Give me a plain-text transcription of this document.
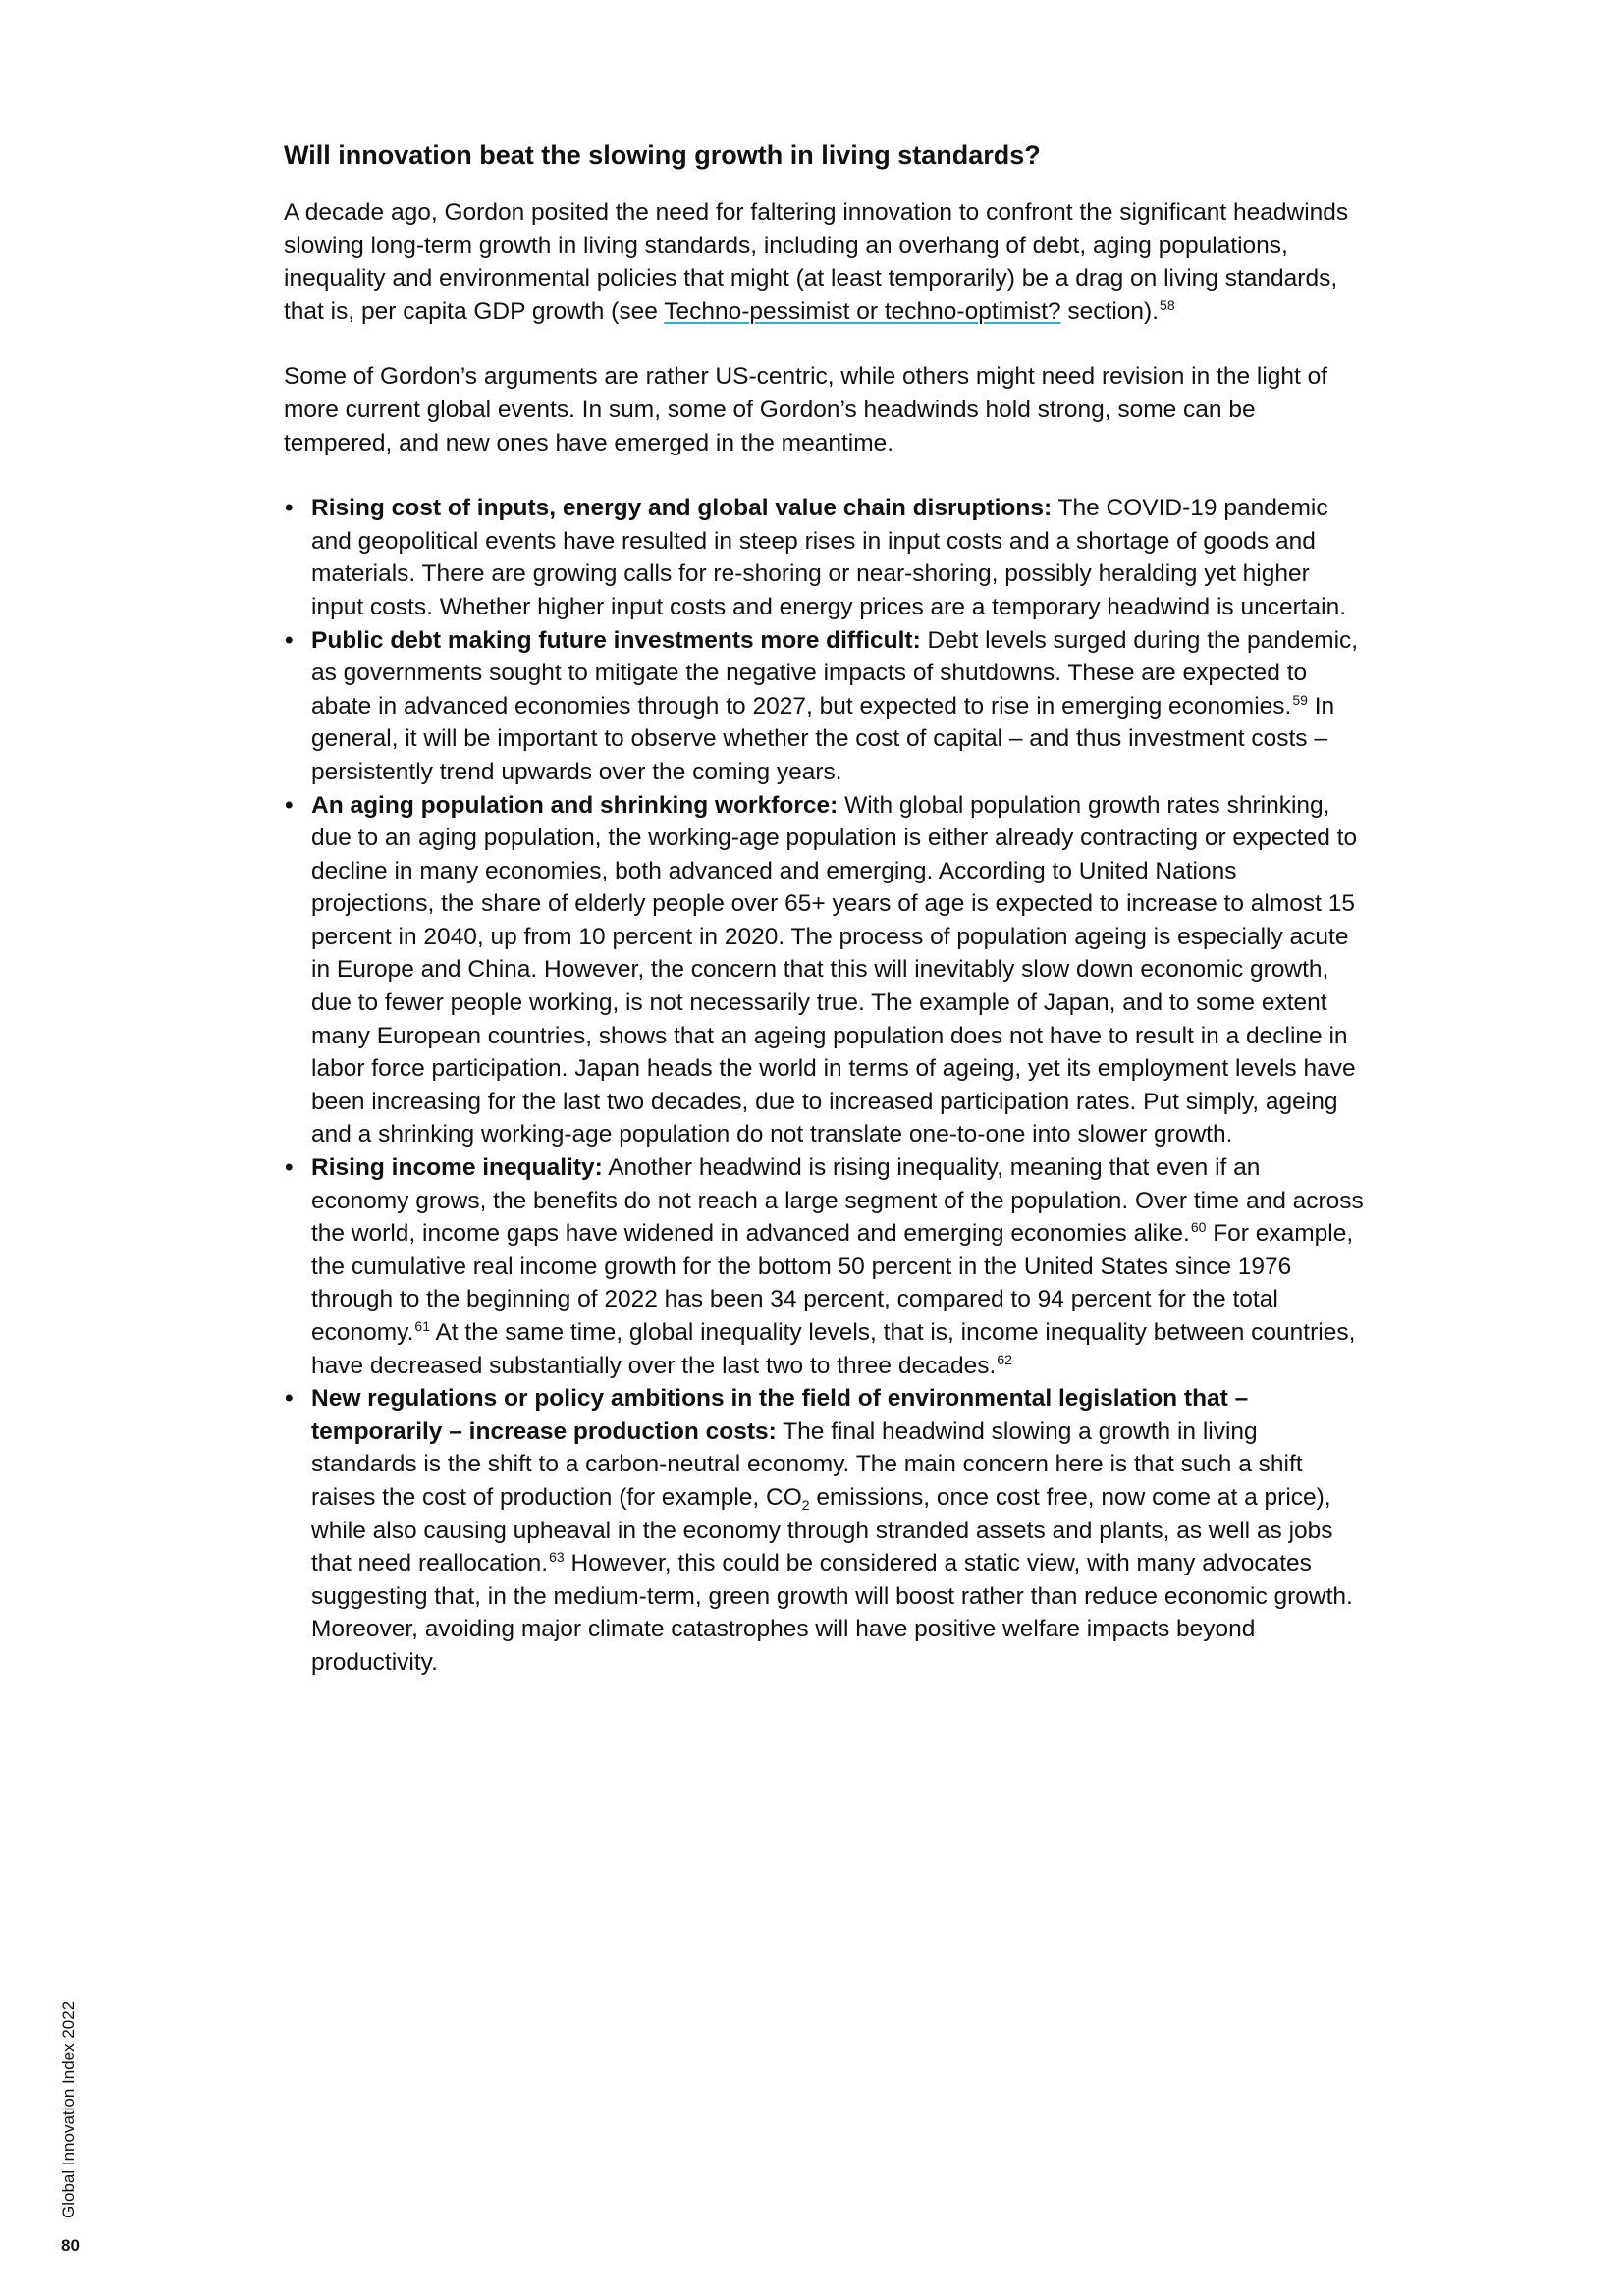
Will innovation beat the slowing growth in living standards?

A decade ago, Gordon posited the need for faltering innovation to confront the significant headwinds slowing long-term growth in living standards, including an overhang of debt, aging populations, inequality and environmental policies that might (at least temporarily) be a drag on living standards, that is, per capita GDP growth (see Techno-pessimist or techno-optimist? section).$^{58}$

Some of Gordon’s arguments are rather US-centric, while others might need revision in the light of more current global events. In sum, some of Gordon’s headwinds hold strong, some can be tempered, and new ones have emerged in the meantime.

• Rising cost of inputs, energy and global value chain disruptions: The COVID-19 pandemic and geopolitical events have resulted in steep rises in input costs and a shortage of goods and materials. There are growing calls for re-shoring or near-shoring, possibly heralding yet higher input costs. Whether higher input costs and energy prices are a temporary headwind is uncertain.
• Public debt making future investments more difficult: Debt levels surged during the pandemic, as governments sought to mitigate the negative impacts of shutdowns. These are expected to abate in advanced economies through to 2027, but expected to rise in emerging economies.$^{59}$ In general, it will be important to observe whether the cost of capital – and thus investment costs – persistently trend upwards over the coming years.
• An aging population and shrinking workforce: With global population growth rates shrinking, due to an aging population, the working-age population is either already contracting or expected to decline in many economies, both advanced and emerging. According to United Nations projections, the share of elderly people over 65+ years of age is expected to increase to almost 15 percent in 2040, up from 10 percent in 2020. The process of population ageing is especially acute in Europe and China. However, the concern that this will inevitably slow down economic growth, due to fewer people working, is not necessarily true. The example of Japan, and to some extent many European countries, shows that an ageing population does not have to result in a decline in labor force participation. Japan heads the world in terms of ageing, yet its employment levels have been increasing for the last two decades, due to increased participation rates. Put simply, ageing and a shrinking working-age population do not translate one-to-one into slower growth.
• Rising income inequality: Another headwind is rising inequality, meaning that even if an economy grows, the benefits do not reach a large segment of the population. Over time and across the world, income gaps have widened in advanced and emerging economies alike.$^{60}$ For example, the cumulative real income growth for the bottom 50 percent in the United States since 1976 through to the beginning of 2022 has been 34 percent, compared to 94 percent for the total economy.$^{61}$ At the same time, global inequality levels, that is, income inequality between countries, have decreased substantially over the last two to three decades.$^{62}$
• New regulations or policy ambitions in the field of environmental legislation that – temporarily – increase production costs: The final headwind slowing a growth in living standards is the shift to a carbon-neutral economy. The main concern here is that such a shift raises the cost of production (for example, $CO_2$ emissions, once cost free, now come at a price), while also causing upheaval in the economy through stranded assets and plants, as well as jobs that need reallocation.$^{63}$ However, this could be considered a static view, with many advocates suggesting that, in the medium-term, green growth will boost rather than reduce economic growth. Moreover, avoiding major climate catastrophes will have positive welfare impacts beyond productivity.
Global Innovation Index 2022
80
